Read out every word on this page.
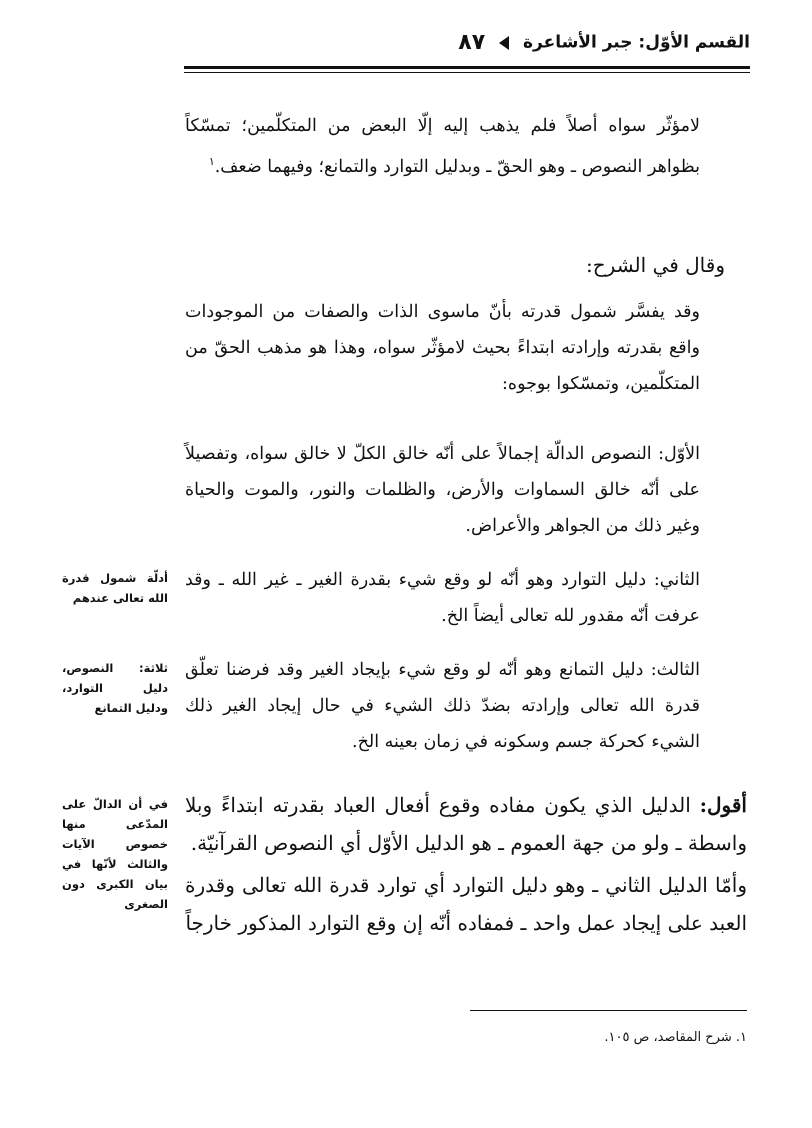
القسم الأوّل: جبر الأشاعرة  ٨٧
لامؤثّر سواه أصلاً فلم يذهب إليه إلّا البعض من المتكلّمين؛ تمسّكاً بظواهر النصوص ـ وهو الحقّ ـ وبدليل التوارد والتمانع؛ وفيهما ضعف.$^١$
وقال في الشرح:
وقد يفسَّر شمول قدرته بأنّ ماسوى الذات والصفات من الموجودات واقع بقدرته وإرادته ابتداءً بحيث لامؤثّر سواه، وهذا هو مذهب الحقّ من المتكلّمين، وتمسّكوا بوجوه:
الأوّل: النصوص الدالّة إجمالاً على أنّه خالق الكلّ لا خالق سواه، وتفصيلاً على أنّه خالق السماوات والأرض، والظلمات والنور، والموت والحياة وغير ذلك من الجواهر والأعراض.
الثاني: دليل التوارد وهو أنّه لو وقع شيء بقدرة الغير ـ غير الله ـ وقد عرفت أنّه مقدور لله تعالى أيضاً الخ.
الثالث: دليل التمانع وهو أنّه لو وقع شيء بإيجاد الغير وقد فرضنا تعلّق قدرة الله تعالى وإرادته بضدّ ذلك الشيء في حال إيجاد الغير ذلك الشيء كحركة جسم وسكونه في زمان بعينه الخ.
أقول: الدليل الذي يكون مفاده وقوع أفعال العباد بقدرته ابتداءً وبلا واسطة ـ ولو من جهة العموم ـ هو الدليل الأوّل أي النصوص القرآنيّة.
وأمّا الدليل الثاني ـ وهو دليل التوارد أي توارد قدرة الله تعالى وقدرة العبد على إيجاد عمل واحد ـ فمفاده أنّه إن وقع التوارد المذكور خارجاً
أدلّة شمول قدرة الله تعالى عندهم
ثلاثة: النصوص، دليل التوارد، ودليل التمانع
في أن الدالّ على المدّعى منها خصوص الآيات والثالث لأنّها في بيان الكبرى دون الصغرى
١. شرح المقاصد، ص ١٠٥.
